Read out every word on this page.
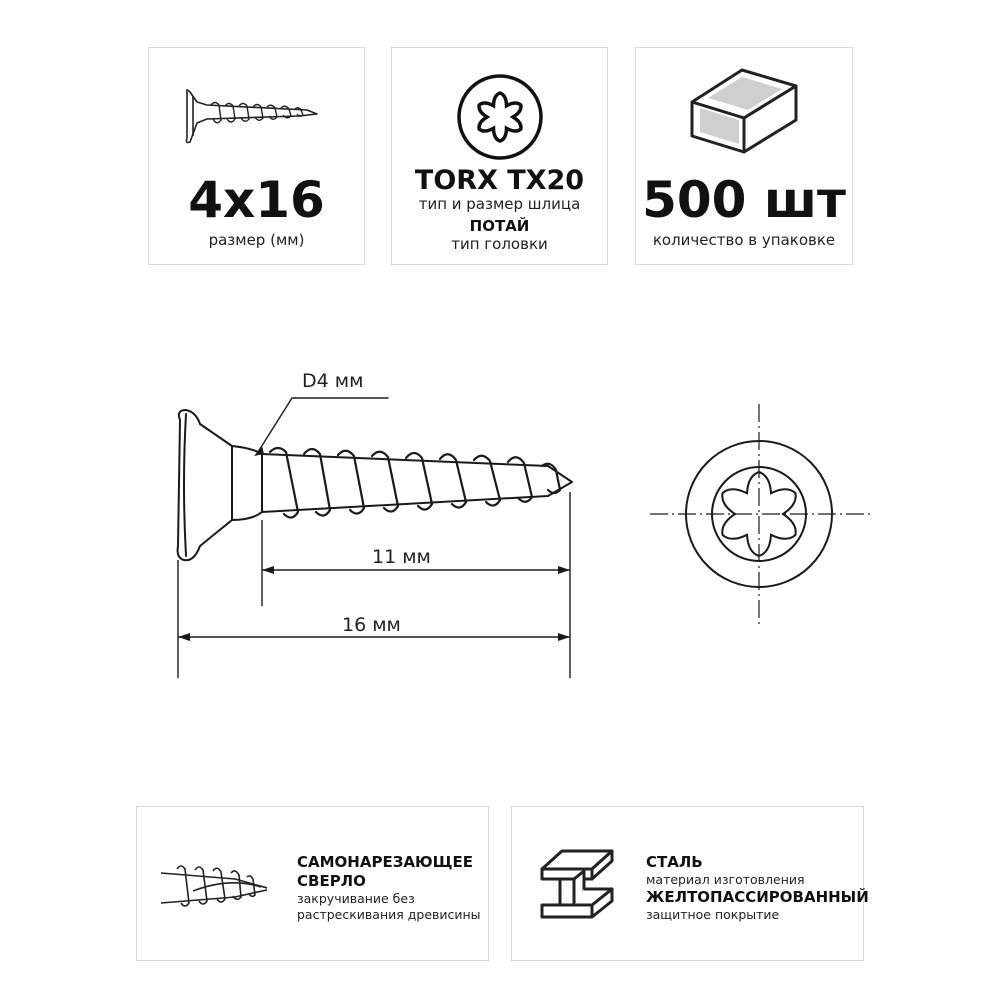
4x16
размер (мм)
TORX TX20
тип и размер шлица
ПОТАЙ
тип головки
500 шт
количество в упаковке
D4 мм
11 мм
16 мм
САМОНАРЕЗАЮЩЕЕ
СВЕРЛО
закручивание без
растрескивания древисины
СТАЛЬ
материал изготовления
ЖЕЛТОПАССИРОВАННЫЙ
защитное покрытие
